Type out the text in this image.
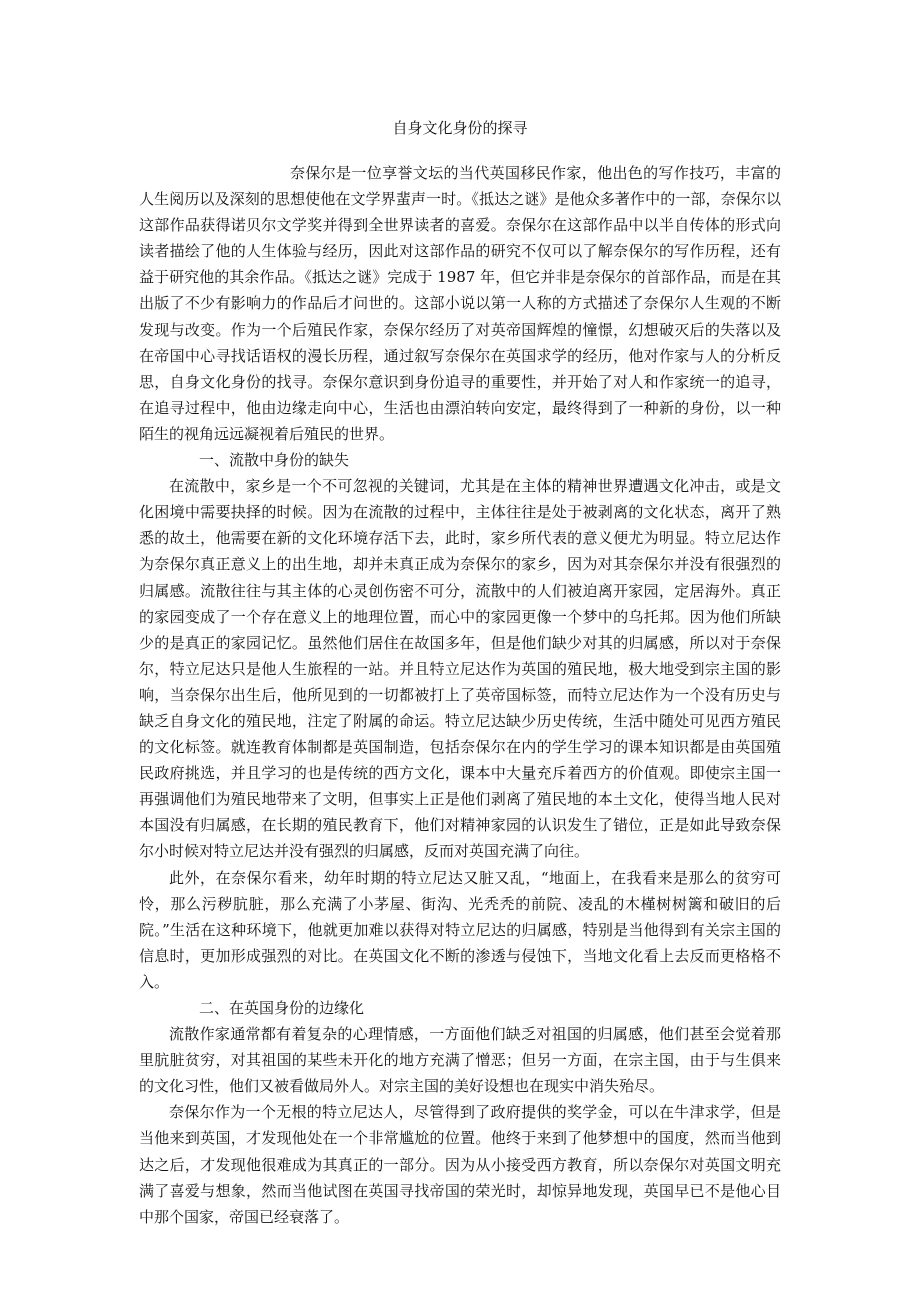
自身文化身份的探寻

奈保尔是一位享誉文坛的当代英国移民作家，他出色的写作技巧，丰富的人生阅历以及深刻的思想使他在文学界蜚声一时。《抵达之谜》是他众多著作中的一部，奈保尔以这部作品获得诺贝尔文学奖并得到全世界读者的喜爱。奈保尔在这部作品中以半自传体的形式向读者描绘了他的人生体验与经历，因此对这部作品的研究不仅可以了解奈保尔的写作历程，还有益于研究他的其余作品。《抵达之谜》完成于 1987 年，但它并非是奈保尔的首部作品，而是在其出版了不少有影响力的作品后才问世的。这部小说以第一人称的方式描述了奈保尔人生观的不断发现与改变。作为一个后殖民作家，奈保尔经历了对英帝国辉煌的憧憬，幻想破灭后的失落以及在帝国中心寻找话语权的漫长历程，通过叙写奈保尔在英国求学的经历，他对作家与人的分析反思，自身文化身份的找寻。奈保尔意识到身份追寻的重要性，并开始了对人和作家统一的追寻，在追寻过程中，他由边缘走向中心，生活也由漂泊转向安定，最终得到了一种新的身份，以一种陌生的视角远远凝视着后殖民的世界。

一、流散中身份的缺失

在流散中，家乡是一个不可忽视的关键词，尤其是在主体的精神世界遭遇文化冲击，或是文化困境中需要抉择的时候。因为在流散的过程中，主体往往是处于被剥离的文化状态，离开了熟悉的故土，他需要在新的文化环境存活下去，此时，家乡所代表的意义便尤为明显。特立尼达作为奈保尔真正意义上的出生地，却并未真正成为奈保尔的家乡，因为对其奈保尔并没有很强烈的归属感。流散往往与其主体的心灵创伤密不可分，流散中的人们被迫离开家园，定居海外。真正的家园变成了一个存在意义上的地理位置，而心中的家园更像一个梦中的乌托邦。因为他们所缺少的是真正的家园记忆。虽然他们居住在故国多年，但是他们缺少对其的归属感，所以对于奈保尔，特立尼达只是他人生旅程的一站。并且特立尼达作为英国的殖民地，极大地受到宗主国的影响，当奈保尔出生后，他所见到的一切都被打上了英帝国标签，而特立尼达作为一个没有历史与缺乏自身文化的殖民地，注定了附属的命运。特立尼达缺少历史传统，生活中随处可见西方殖民的文化标签。就连教育体制都是英国制造，包括奈保尔在内的学生学习的课本知识都是由英国殖民政府挑选，并且学习的也是传统的西方文化，课本中大量充斥着西方的价值观。即使宗主国一再强调他们为殖民地带来了文明，但事实上正是他们剥离了殖民地的本土文化，使得当地人民对本国没有归属感，在长期的殖民教育下，他们对精神家园的认识发生了错位，正是如此导致奈保尔小时候对特立尼达并没有强烈的归属感，反而对英国充满了向往。

此外，在奈保尔看来，幼年时期的特立尼达又脏又乱，“地面上，在我看来是那么的贫穷可怜，那么污秽肮脏，那么充满了小茅屋、街沟、光秃秃的前院、凌乱的木槿树树篱和破旧的后院。”生活在这种环境下，他就更加难以获得对特立尼达的归属感，特别是当他得到有关宗主国的信息时，更加形成强烈的对比。在英国文化不断的渗透与侵蚀下，当地文化看上去反而更格格不入。

二、在英国身份的边缘化

流散作家通常都有着复杂的心理情感，一方面他们缺乏对祖国的归属感，他们甚至会觉着那里肮脏贫穷，对其祖国的某些未开化的地方充满了憎恶；但另一方面，在宗主国，由于与生俱来的文化习性，他们又被看做局外人。对宗主国的美好设想也在现实中消失殆尽。

奈保尔作为一个无根的特立尼达人，尽管得到了政府提供的奖学金，可以在牛津求学，但是当他来到英国，才发现他处在一个非常尴尬的位置。他终于来到了他梦想中的国度，然而当他到达之后，才发现他很难成为其真正的一部分。因为从小接受西方教育，所以奈保尔对英国文明充满了喜爱与想象，然而当他试图在英国寻找帝国的荣光时，却惊异地发现，英国早已不是他心目中那个国家，帝国已经衰落了。
